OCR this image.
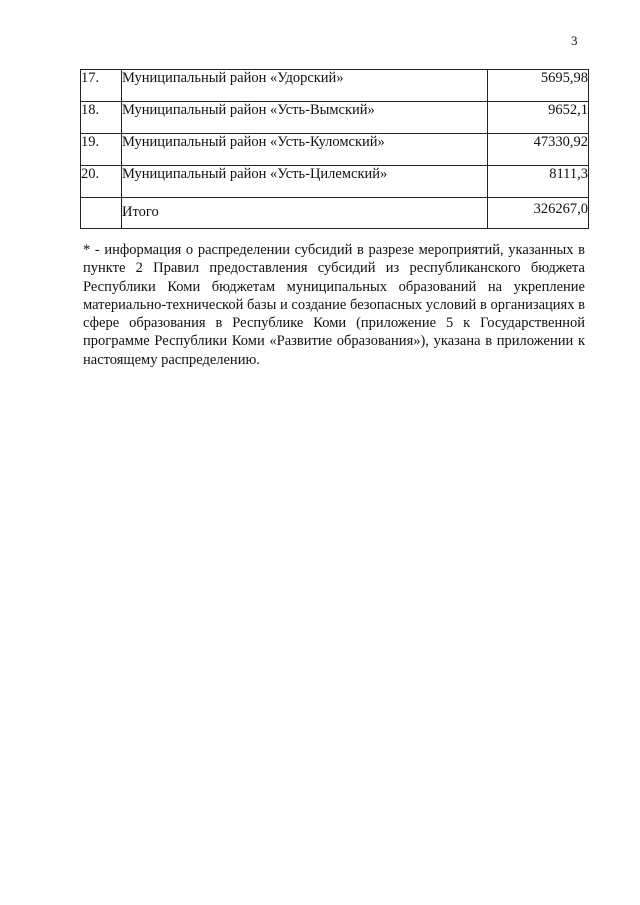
3
17.	Муниципальный район «Удорский»	5695,98
18.	Муниципальный район «Усть-Вымский»	9652,1
19.	Муниципальный район «Усть-Куломский»	47330,92
20.	Муниципальный район «Усть-Цилемский»	8111,3
	Итого	326267,0

* - информация о распределении субсидий в разрезе мероприятий, указанных в пункте 2 Правил предоставления субсидий из республиканского бюджета Республики Коми бюджетам муниципальных образований на укрепление материально-технической базы и создание безопасных условий в организациях в сфере образования в Республике Коми (приложение 5 к Государственной программе Республики Коми «Развитие образования»), указана в приложении к настоящему распределению.
